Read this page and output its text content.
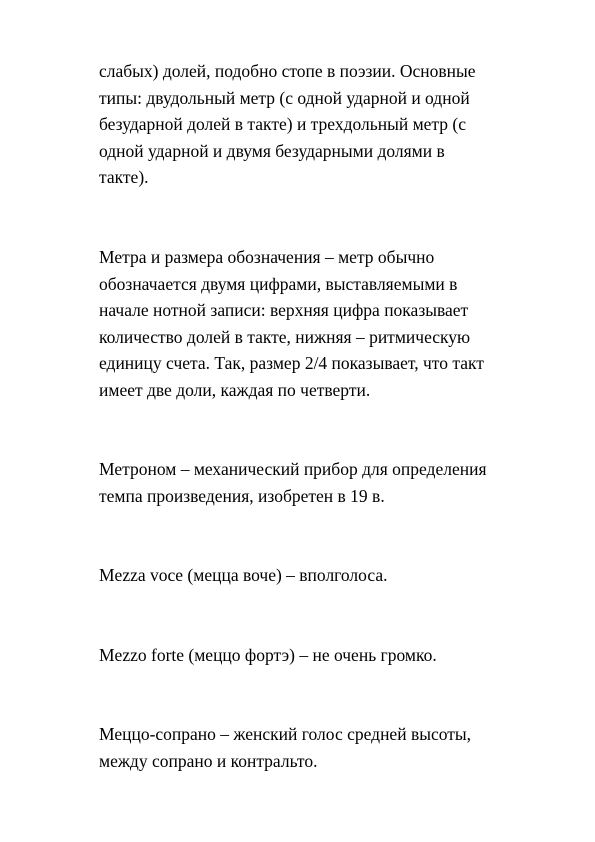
слабых) долей, подобно стопе в поэзии. Основные
типы: двудольный метр (с одной ударной и одной
безударной долей в такте) и трехдольный метр (с
одной ударной и двумя безударными долями в
такте).

Метра и размера обозначения – метр обычно
обозначается двумя цифрами, выставляемыми в
начале нотной записи: верхняя цифра показывает
количество долей в такте, нижняя – ритмическую
единицу счета. Так, размер 2/4 показывает, что такт
имеет две доли, каждая по четверти.

Метроном – механический прибор для определения
темпа произведения, изобретен в 19 в.

Mezza voce (мецца воче) – вполголоса.

Mezzo forte (меццо фортэ) – не очень громко.

Меццо-сопрано – женский голос средней высоты,
между сопрано и контральто.
